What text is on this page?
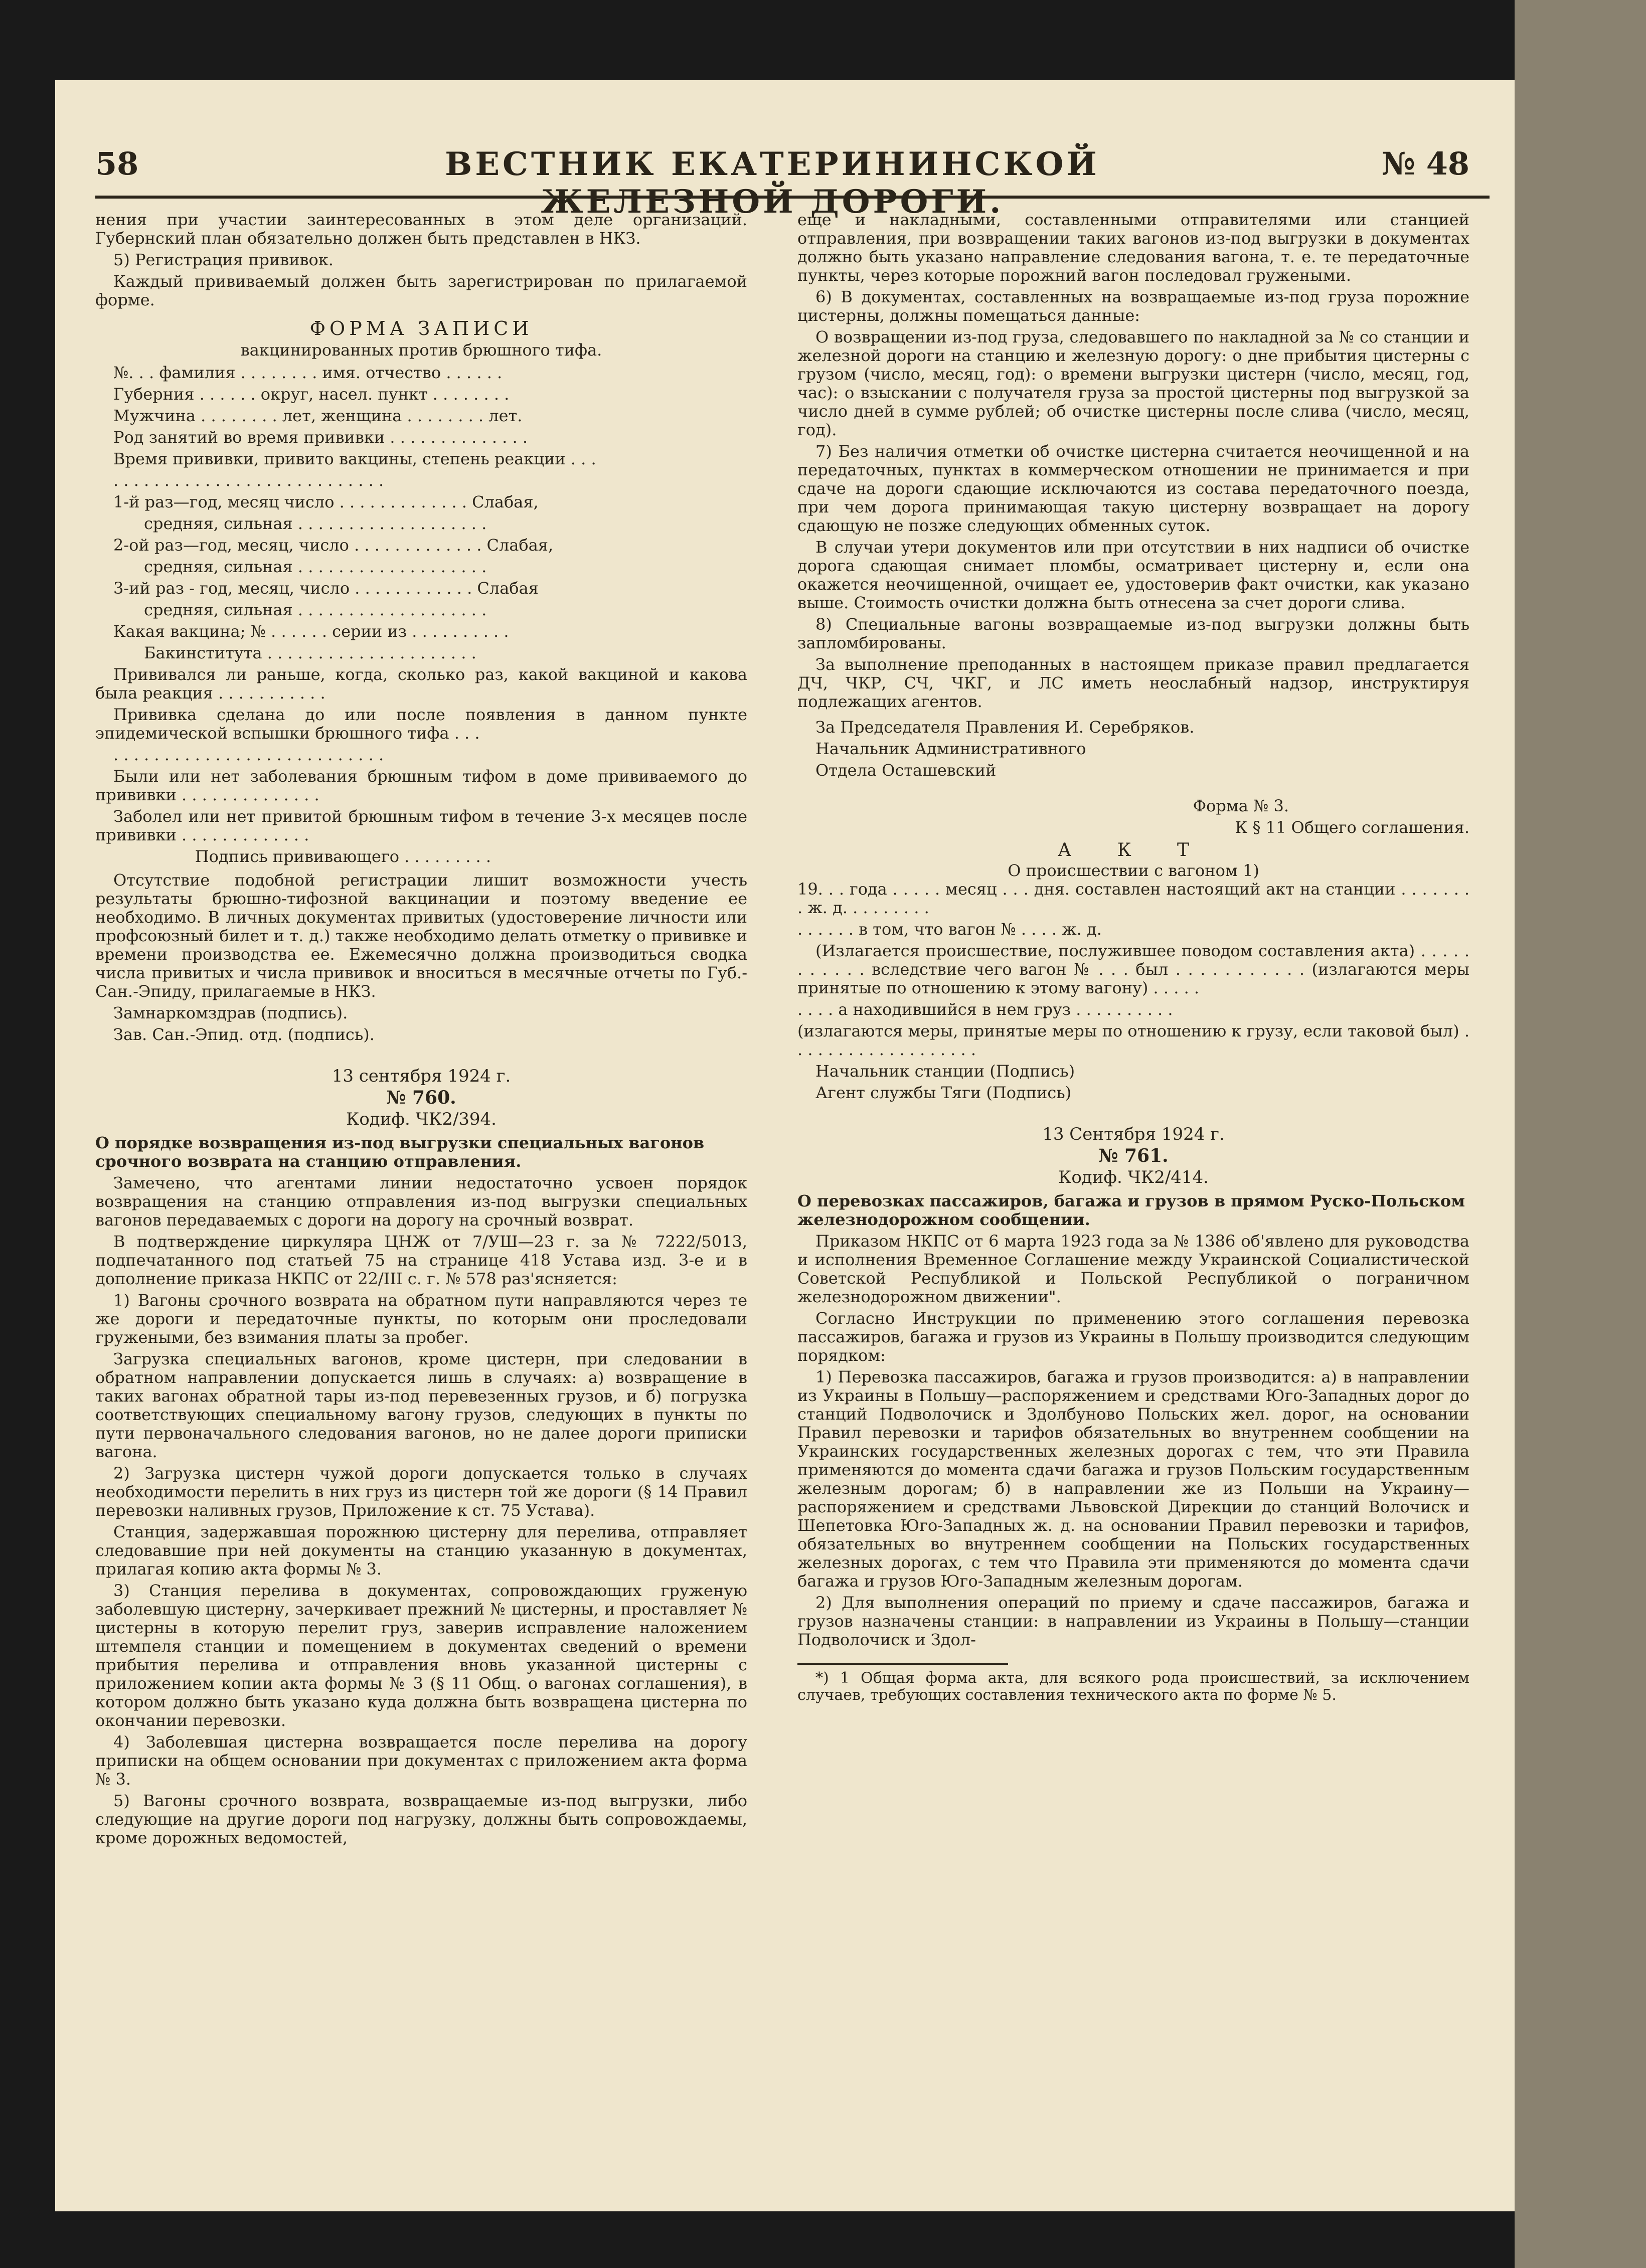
58	ВЕСТНИК ЕКАТЕРИНИНСКОЙ ЖЕЛЕЗНОЙ ДОРОГИ.
№ 48

нения при участии заинтересованных в этом деле организаций. Губернский план обязательно должен быть представлен в НКЗ.

5) Регистрация прививок.

Каждый прививаемый должен быть зарегистрирован по прилагаемой форме.

ФОРМА ЗАПИСИ
вакцинированных против брюшного тифа.

№. . . фамилия . . . . . . . . имя. отчество . . . . . .

Губерния . . . . . . округ, насел. пункт . . . . . . . .

Мужчина . . . . . . . . лет, женщина . . . . . . . . лет.

Род занятий во время прививки . . . . . . . . . . . . . .

Время прививки, привито вакцины, степень реакции . . .

. . . . . . . . . . . . . . . . . . . . . . . . . . .

1-й раз—год, месяц число . . . . . . . . . . . . . Слабая,

средняя, сильная . . . . . . . . . . . . . . . . . . .

2-ой раз—год, месяц, число . . . . . . . . . . . . . Слабая,

средняя, сильная . . . . . . . . . . . . . . . . . . .

3-ий раз - год, месяц, число . . . . . . . . . . . . Слабая

средняя, сильная . . . . . . . . . . . . . . . . . . .

Какая вакцина; № . . . . . . серии из . . . . . . . . . .

Бакинститута . . . . . . . . . . . . . . . . . . . . .

Прививался ли раньше, когда, сколько раз, какой вакциной и какова была реакция . . . . . . . . . . .

Прививка сделана до или после появления в данном пункте эпидемической вспышки брюшного тифа . . .

. . . . . . . . . . . . . . . . . . . . . . . . . . .

Были или нет заболевания брюшным тифом в доме прививаемого до прививки . . . . . . . . . . . . . .

Заболел или нет привитой брюшным тифом в течение 3-х месяцев после прививки . . . . . . . . . . . . .

Подпись прививающего . . . . . . . . .

Отсутствие подобной регистрации лишит возможности учесть результаты брюшно-тифозной вакцинации и поэтому введение ее необходимо. В личных документах привитых (удостоверение личности или профсоюзный билет и т. д.) также необходимо делать отметку о прививке и времени производства ее. Ежемесячно должна производиться сводка числа привитых и числа прививок и вноситься в месячные отчеты по Губ.-Сан.-Эпиду, прилагаемые в НКЗ.

Замнаркомздрав (подпись).

Зав. Сан.-Эпид. отд. (подпись).

13 сентября 1924 г.
№ 760.
Кодиф. ЧК2/394.

О порядке возвращения из-под выгрузки специальных вагонов срочного возврата на станцию отправления.

Замечено, что агентами линии недостаточно усвоен порядок возвращения на станцию отправления из-под выгрузки специальных вагонов передаваемых с дороги на дорогу на срочный возврат.

В подтверждение циркуляра ЦНЖ от 7/УШ—23 г. за № 7222/5013, подпечатанного под статьей 75 на странице 418 Устава изд. 3-е и в дополнение приказа НКПС от 22/III с. г. № 578 раз'ясняется:

1) Вагоны срочного возврата на обратном пути направляются через те же дороги и передаточные пункты, по которым они проследовали гружеными, без взимания платы за пробег.

Загрузка специальных вагонов, кроме цистерн, при следовании в обратном направлении допускается лишь в случаях: а) возвращение в таких вагонах обратной тары из-под перевезенных грузов, и б) погрузка соответствующих специальному вагону грузов, следующих в пункты по пути первоначального следования вагонов, но не далее дороги приписки вагона.

2) Загрузка цистерн чужой дороги допускается только в случаях необходимости перелить в них груз из цистерн той же дороги (§ 14 Правил перевозки наливных грузов, Приложение к ст. 75 Устава).

Станция, задержавшая порожнюю цистерну для перелива, отправляет следовавшие при ней документы на станцию указанную в документах, прилагая копию акта формы № 3.

3) Станция перелива в документах, сопровождающих груженую заболевшую цистерну, зачеркивает прежний № цистерны, и проставляет № цистерны в которую перелит груз, заверив исправление наложением штемпеля станции и помещением в документах сведений о времени прибытия перелива и отправления вновь указанной цистерны с приложением копии акта формы № 3 (§ 11 Общ. о вагонах соглашения), в котором должно быть указано куда должна быть возвращена цистерна по окончании перевозки.

4) Заболевшая цистерна возвращается после перелива на дорогу приписки на общем основании при документах с приложением акта форма № 3.

5) Вагоны срочного возврата, возвращаемые из-под выгрузки, либо следующие на другие дороги под нагрузку, должны быть сопровождаемы, кроме дорожных ведомостей,

еще и накладными, составленными отправителями или станцией отправления, при возвращении таких вагонов из-под выгрузки в документах должно быть указано направление следования вагона, т. е. те передаточные пункты, через которые порожний вагон последовал гружеными.

6) В документах, составленных на возвращаемые из-под груза порожние цистерны, должны помещаться данные:

О возвращении из-под груза, следовавшего по накладной за № со станции и железной дороги на станцию и железную дорогу: о дне прибытия цистерны с грузом (число, месяц, год): о времени выгрузки цистерн (число, месяц, год, час): о взыскании с получателя груза за простой цистерны под выгрузкой за число дней в сумме рублей; об очистке цистерны после слива (число, месяц, год).

7) Без наличия отметки об очистке цистерна считается неочищенной и на передаточных, пунктах в коммерческом отношении не принимается и при сдаче на дороги сдающие исключаются из состава передаточного поезда, при чем дорога принимающая такую цистерну возвращает на дорогу сдающую не позже следующих обменных суток.

В случаи утери документов или при отсутствии в них надписи об очистке дорога сдающая снимает пломбы, осматривает цистерну и, если она окажется неочищенной, очищает ее, удостоверив факт очистки, как указано выше. Стоимость очистки должна быть отнесена за счет дороги слива.

8) Специальные вагоны возвращаемые из-под выгрузки должны быть запломбированы.

За выполнение преподанных в настоящем приказе правил предлагается ДЧ, ЧКР, СЧ, ЧКГ, и ЛС иметь неослабный надзор, инструктируя подлежащих агентов.

За Председателя Правления И. Серебряков.

Начальник Административного

Отдела Осташевский

Форма № 3.

К § 11 Общего соглашения.

А К Т
О происшествии с вагоном 1)

19. . . года . . . . . месяц . . . дня. составлен настоящий акт на станции . . . . . . . . ж. д. . . . . . . . .

. . . . . . в том, что вагон № . . . . ж. д.

(Излагается происшествие, послужившее поводом составления акта) . . . . . . . . . . . вследствие чего вагон № . . . был . . . . . . . . . . . (излагаются меры принятые по отношению к этому вагону) . . . . .

. . . . а находившийся в нем груз . . . . . . . . . .

(излагаются меры, принятые меры по отношению к грузу, если таковой был) . . . . . . . . . . . . . . . . . . .

Начальник станции (Подпись)

Агент службы Тяги (Подпись)

13 Сентября 1924 г.
№ 761.
Кодиф. ЧК2/414.

О перевозках пассажиров, багажа и грузов в прямом Руско-Польском железнодорожном сообщении.

Приказом НКПС от 6 марта 1923 года за № 1386 об'явлено для руководства и исполнения Временное Соглашение между Украинской Социалистической Советской Республикой и Польской Республикой о пограничном железнодорожном движении".

Согласно Инструкции по применению этого соглашения перевозка пассажиров, багажа и грузов из Украины в Польшу производится следующим порядком:

1) Перевозка пассажиров, багажа и грузов производится: а) в направлении из Украины в Польшу—распоряжением и средствами Юго-Западных дорог до станций Подволочиск и Здолбуново Польских жел. дорог, на основании Правил перевозки и тарифов обязательных во внутреннем сообщении на Украинских государственных железных дорогах с тем, что эти Правила применяются до момента сдачи багажа и грузов Польским государственным железным дорогам; б) в направлении же из Польши на Украину—распоряжением и средствами Львовской Дирекции до станций Волочиск и Шепетовка Юго-Западных ж. д. на основании Правил перевозки и тарифов, обязательных во внутреннем сообщении на Польских государственных железных дорогах, с тем что Правила эти применяются до момента сдачи багажа и грузов Юго-Западным железным дорогам.

2) Для выполнения операций по приему и сдаче пассажиров, багажа и грузов назначены станции: в направлении из Украины в Польшу—станции Подволочиск и Здол-

*) 1 Общая форма акта, для всякого рода происшествий, за исключением случаев, требующих составления технического акта по форме № 5.
